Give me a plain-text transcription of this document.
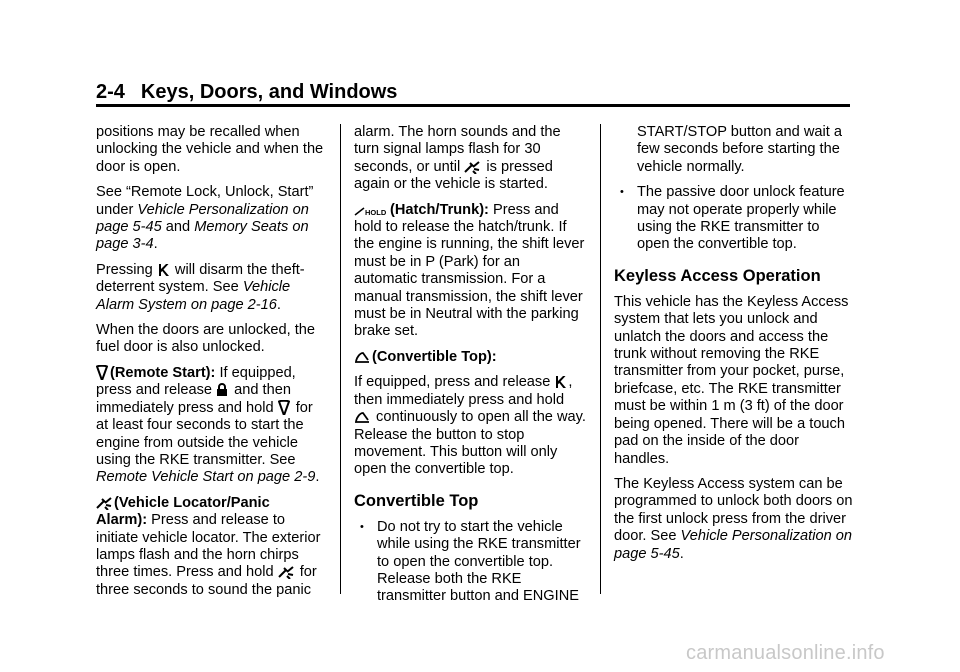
2-4 Keys, Doors, and Windows

positions may be recalled when unlocking the vehicle and when the door is open.

See “Remote Lock, Unlock, Start” under Vehicle Personalization on page 5-45 and Memory Seats on page 3-4.

Pressing  will disarm the theft-deterrent system. See Vehicle Alarm System on page 2-16.

When the doors are unlocked, the fuel door is also unlocked.

(Remote Start): If equipped, press and release  and then immediately press and hold  for at least four seconds to start the engine from outside the vehicle using the RKE transmitter. See Remote Vehicle Start on page 2-9.

(Vehicle Locator/Panic Alarm): Press and release to initiate vehicle locator. The exterior lamps flash and the horn chirps three times. Press and hold  for three seconds to sound the panic

alarm. The horn sounds and the turn signal lamps flash for 30 seconds, or until  is pressed again or the vehicle is started.

HOLD (Hatch/Trunk): Press and hold to release the hatch/trunk. If the engine is running, the shift lever must be in P (Park) for an automatic transmission. For a manual transmission, the shift lever must be in Neutral with the parking brake set.

(Convertible Top):

If equipped, press and release , then immediately press and hold  continuously to open all the way. Release the button to stop movement. This button will only open the convertible top.

Convertible Top
• Do not try to start the vehicle while using the RKE transmitter to open the convertible top. Release both the RKE transmitter button and ENGINE

START/STOP button and wait a few seconds before starting the vehicle normally.

• The passive door unlock feature may not operate properly while using the RKE transmitter to open the convertible top.
Keyless Access Operation

This vehicle has the Keyless Access system that lets you unlock and unlatch the doors and access the trunk without removing the RKE transmitter from your pocket, purse, briefcase, etc. The RKE transmitter must be within 1 m (3 ft) of the door being opened. There will be a touch pad on the inside of the door handles.

The Keyless Access system can be programmed to unlock both doors on the first unlock press from the driver door. See Vehicle Personalization on page 5-45.

carmanualsonline.info
